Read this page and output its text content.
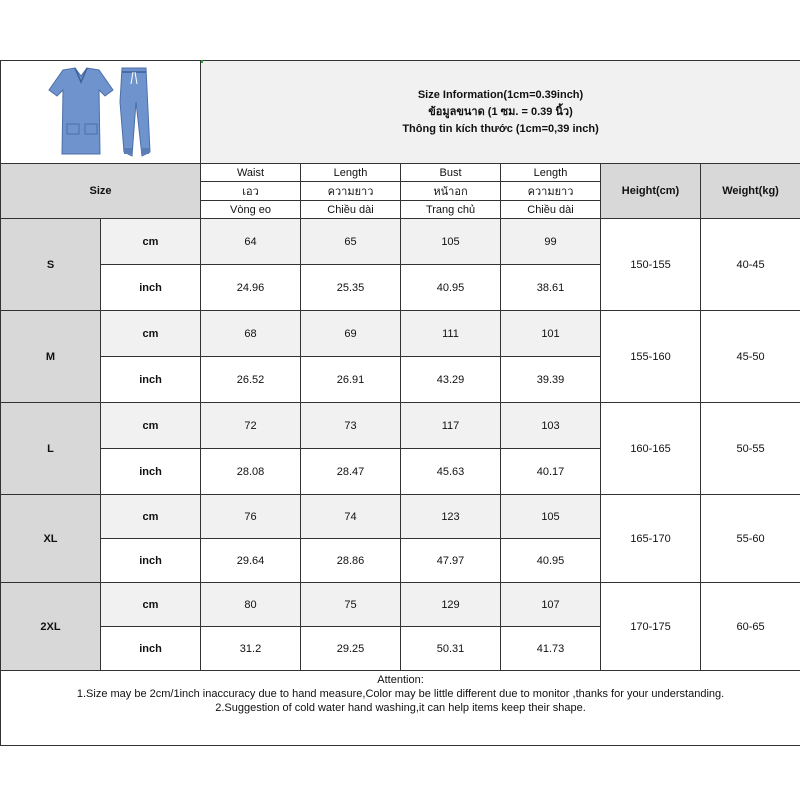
Size Information(1cm=0.39inch)
ข้อมูลขนาด (1 ซม. = 0.39 นิ้ว)
Thông tin kích thước (1cm=0,39 inch)					

Size		Waist	Length	Bust	Length	Height(cm)	Weight(kg)
		เอว	ความยาว	หน้าอก	ความยาว		
		Vòng eo	Chiều dài	Trang chủ	Chiều dài		
S	cm	64	65	105	99	150-155	40-45
	inch	24.96	25.35	40.95	38.61		
M	cm	68	69	111	101	155-160	45-50
	inch	26.52	26.91	43.29	39.39		
L	cm	72	73	117	103	160-165	50-55
	inch	28.08	28.47	45.63	40.17		
XL	cm	76	74	123	105	165-170	55-60
	inch	29.64	28.86	47.97	40.95		
2XL	cm	80	75	129	107	170-175	60-65
	inch	31.2	29.25	50.31	41.73		

Attention:
1.Size may be 2cm/1inch inaccuracy due to hand measure,Color may be little different due to monitor ,thanks for your understanding.
2.Suggestion of cold water hand washing,it can help items keep their shape.							
